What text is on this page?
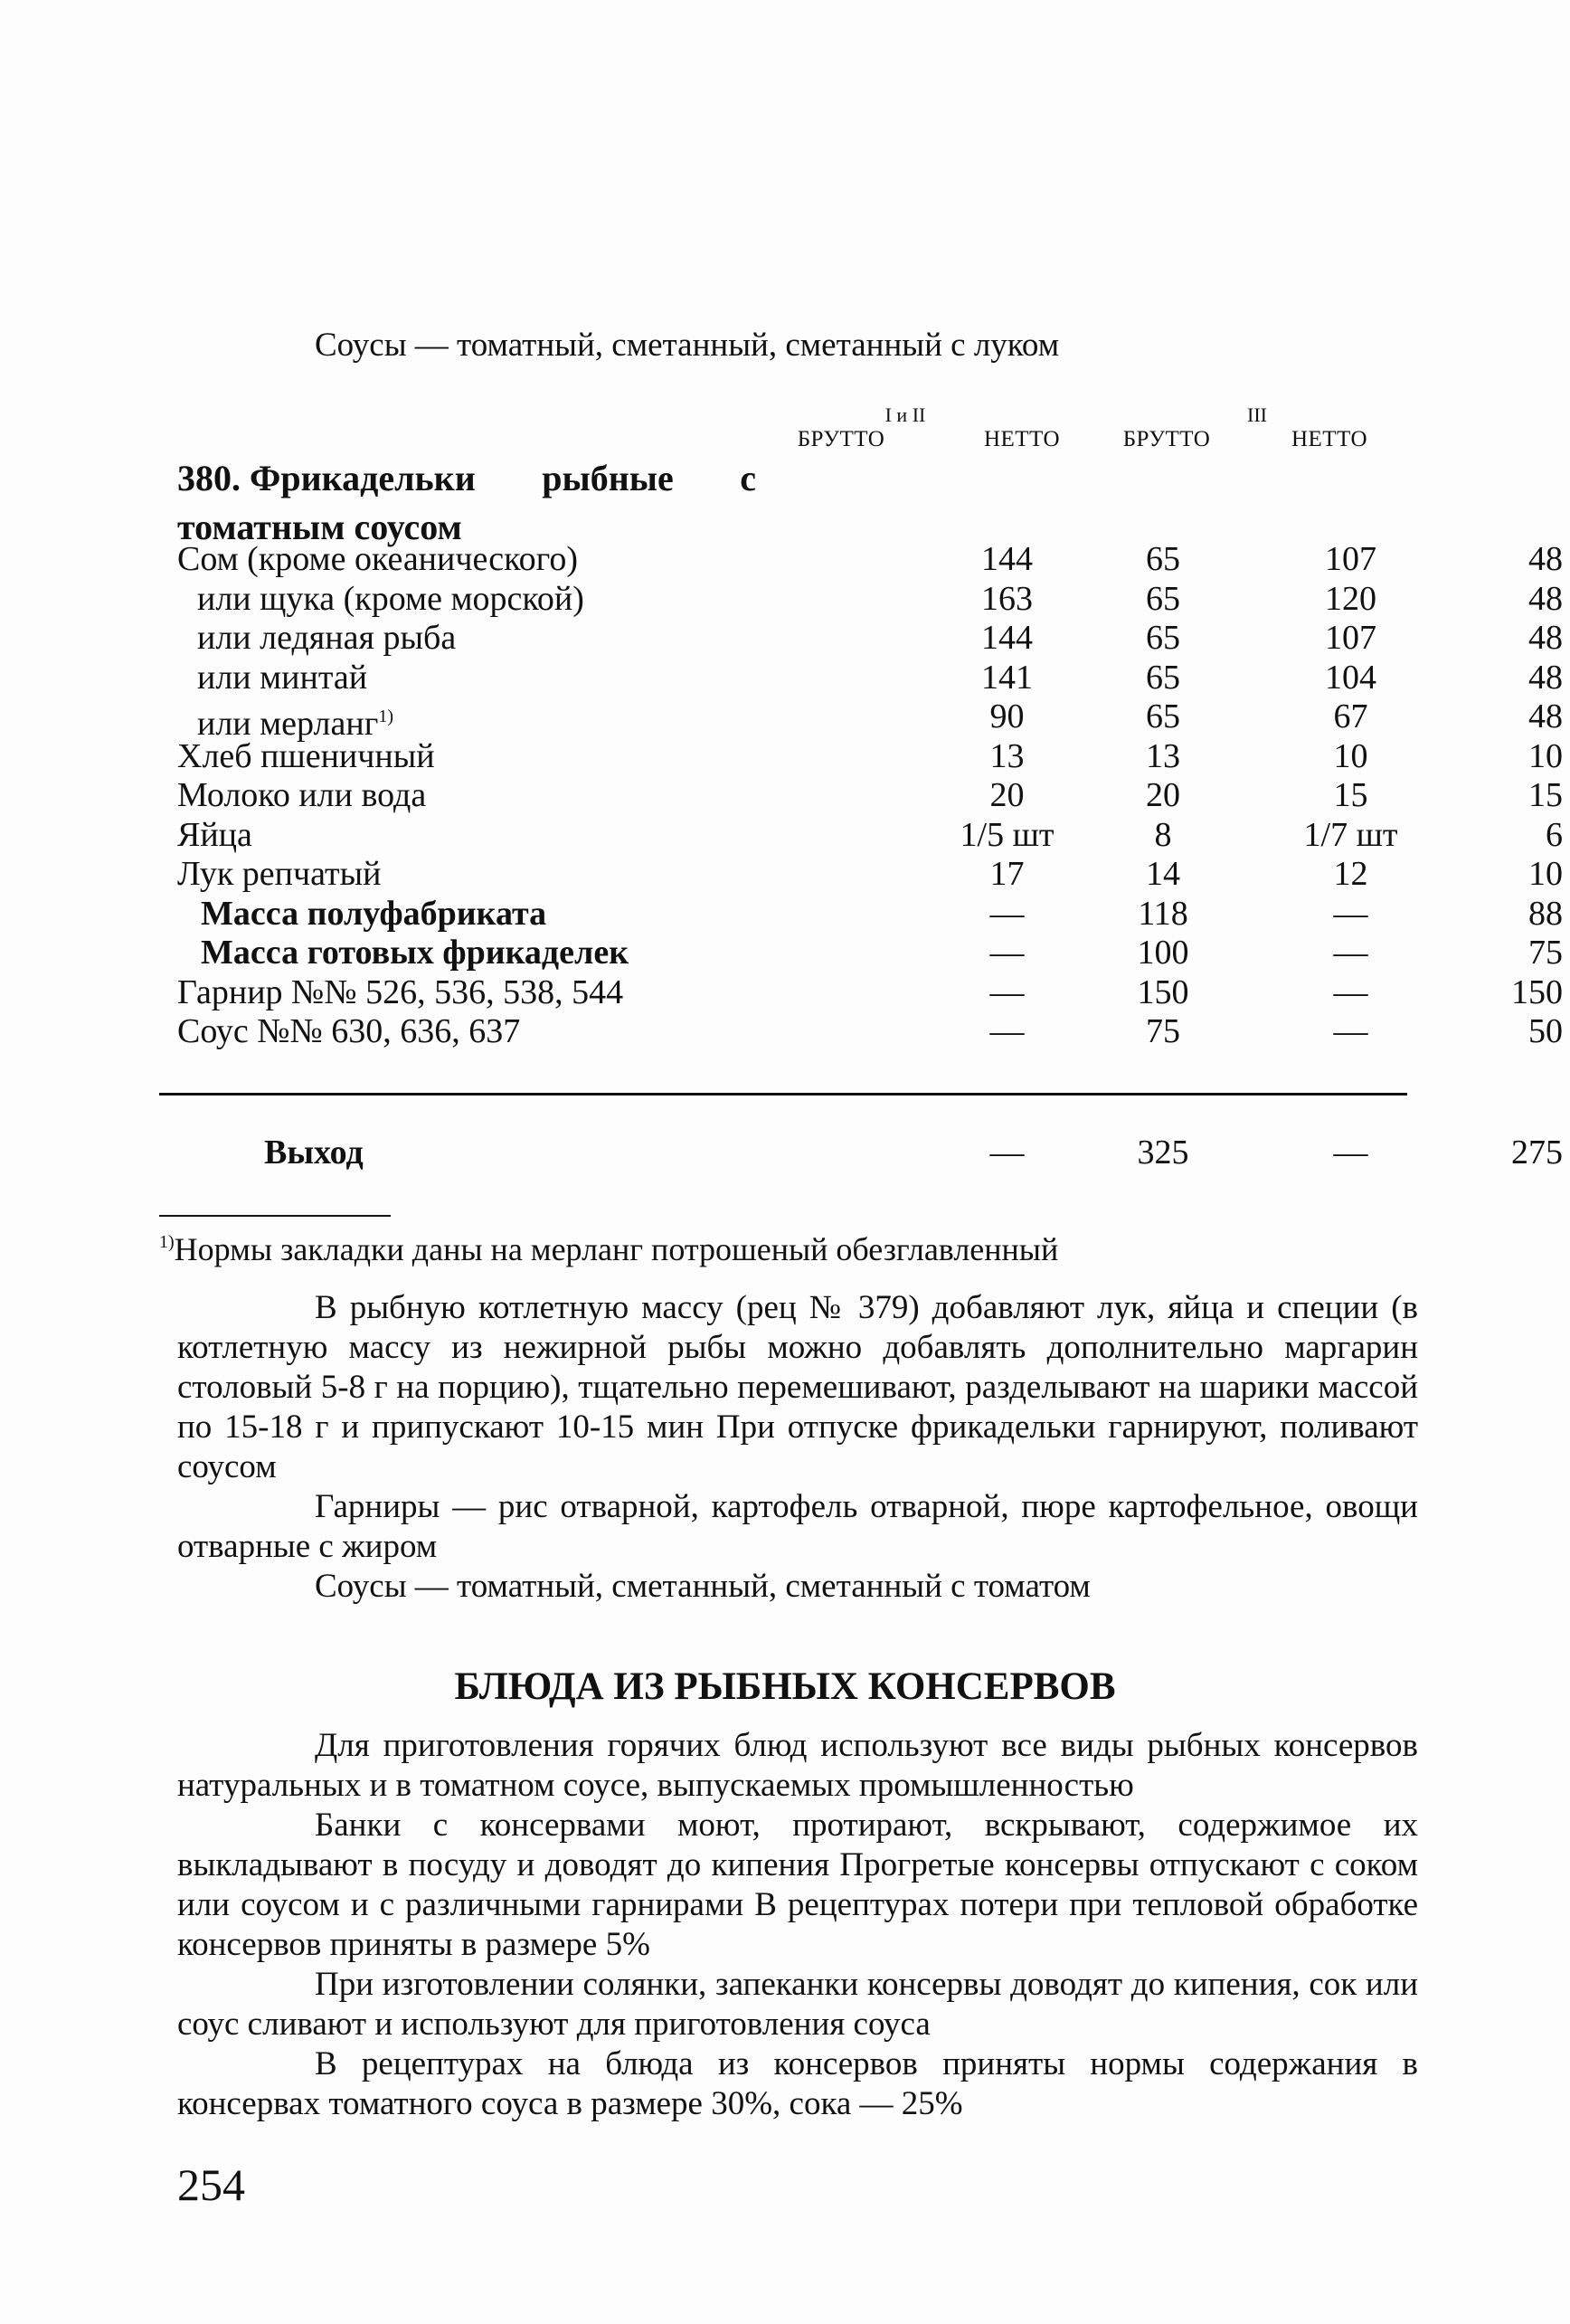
Соусы — томатный, сметанный, сметанный с луком
I и II	III
БРУТТО	НЕТТО	БРУТТО	НЕТТО
380. Фрикадельки рыбные с
томатным соусом
Сом (кроме океанического)	144	65	107	48
или щука (кроме морской)	163	65	120	48
или ледяная рыба	144	65	107	48
или минтай	141	65	104	48
или мерланг$^{1)}$	90	65	67	48
Хлеб пшеничный	13	13	10	10
Молоко или вода	20	20	15	15
Яйца	1/5 шт	8	1/7 шт	6
Лук репчатый	17	14	12	10
Масса полуфабриката	—	118	—	88
Масса готовых фрикаделек	—	100	—	75
Гарнир №№ 526, 536, 538, 544	—	150	—	150
Соус №№ 630, 636, 637	—	75	—	50
Выход	—	325	—	275
$^{1)}$Нормы закладки даны на мерланг потрошеный обезглавленный

В рыбную котлетную массу (рец № 379) добавляют лук, яйца и специи (в котлетную массу из нежирной рыбы можно добавлять дополнительно маргарин столовый 5-8 г на порцию), тщательно перемешивают, разделывают на шарики массой по 15-18 г и припускают 10-15 мин При отпуске фрикадельки гарнируют, поливают соусом

Гарниры — рис отварной, картофель отварной, пюре картофельное, овощи отварные с жиром

Соусы — томатный, сметанный, сметанный с томатом

БЛЮДА ИЗ РЫБНЫХ КОНСЕРВОВ

Для приготовления горячих блюд используют все виды рыбных консервов натуральных и в томатном соусе, выпускаемых промышленностью

Банки с консервами моют, протирают, вскрывают, содержимое их выкладывают в посуду и доводят до кипения Прогретые консервы отпускают с соком или соусом и с различными гарнирами В рецептурах потери при тепловой обработке консервов приняты в размере 5%

При изготовлении солянки, запеканки консервы доводят до кипения, сок или соус сливают и используют для приготовления соуса

В рецептурах на блюда из консервов приняты нормы содержания в консервах томатного соуса в размере 30%, сока — 25%

254
